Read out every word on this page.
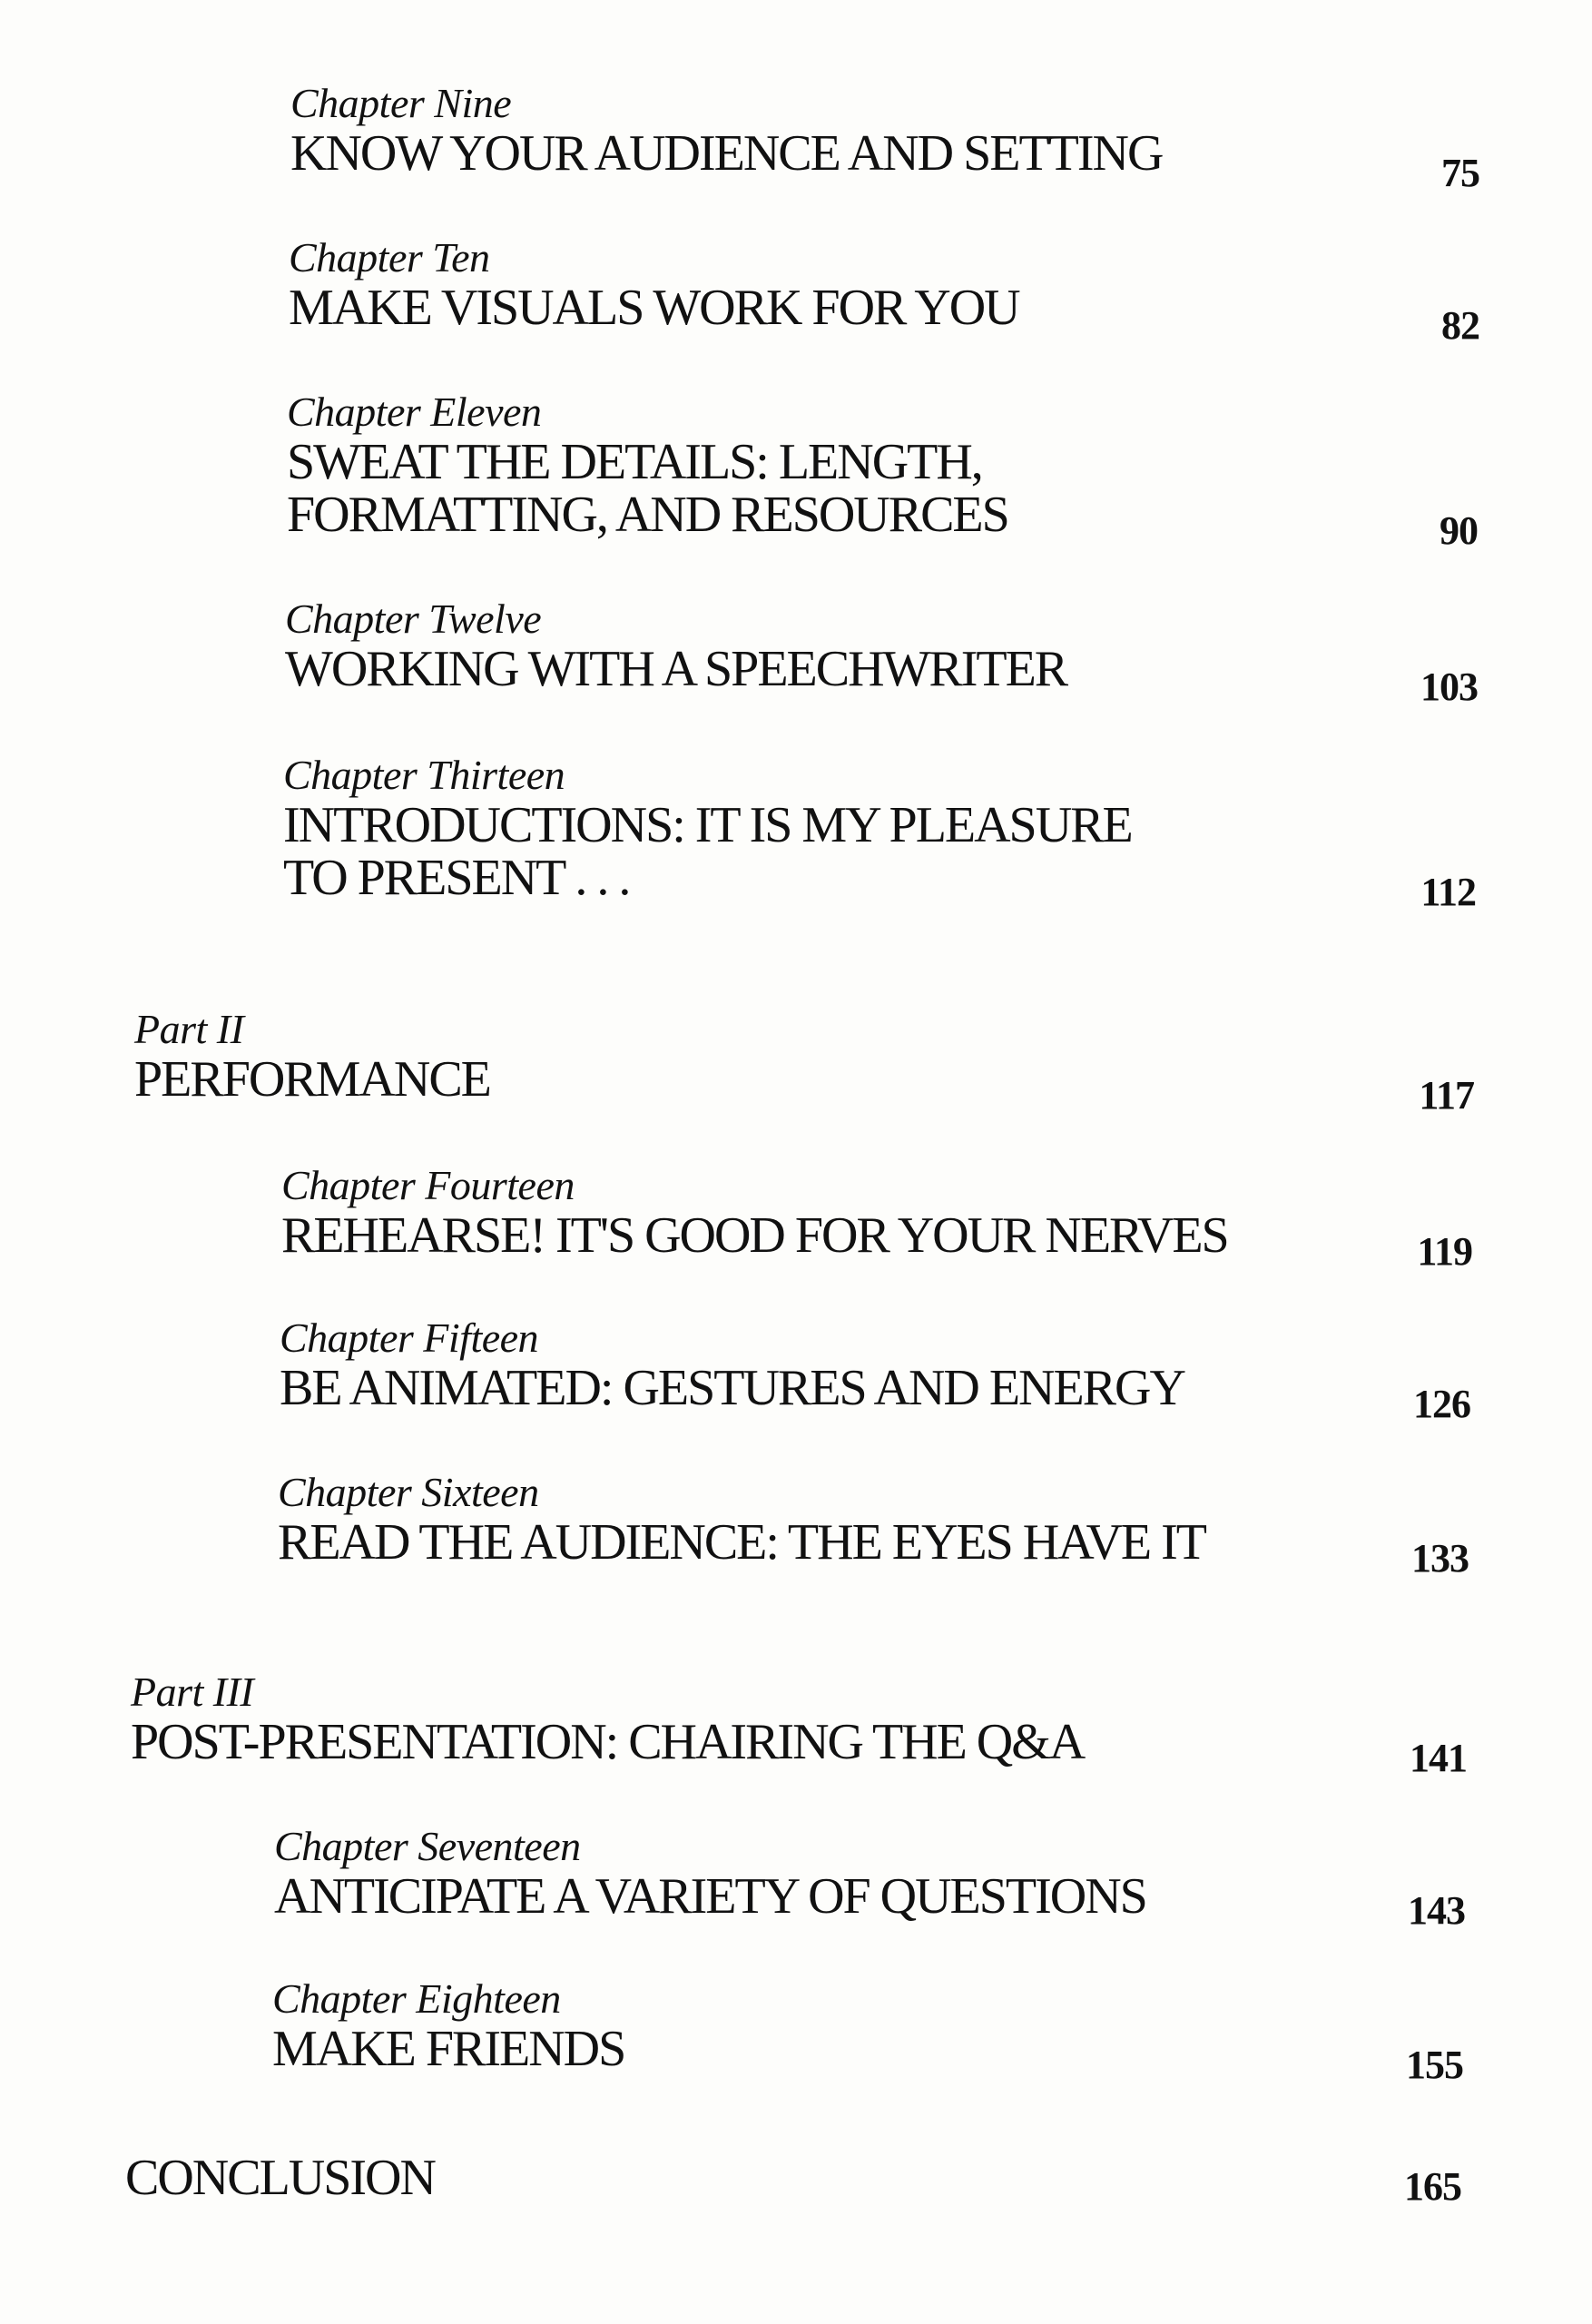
Chapter Nine
KNOW YOUR AUDIENCE AND SETTING	75
Chapter Ten
MAKE VISUALS WORK FOR YOU	82
Chapter Eleven
SWEAT THE DETAILS: LENGTH,
FORMATTING, AND RESOURCES	90
Chapter Twelve
WORKING WITH A SPEECHWRITER	103
Chapter Thirteen
INTRODUCTIONS: IT IS MY PLEASURE
TO PRESENT . . .	112
Part II
PERFORMANCE	117
Chapter Fourteen
REHEARSE! IT'S GOOD FOR YOUR NERVES	119
Chapter Fifteen
BE ANIMATED: GESTURES AND ENERGY	126
Chapter Sixteen
READ THE AUDIENCE: THE EYES HAVE IT	133
Part III
POST-PRESENTATION: CHAIRING THE Q&A	141
Chapter Seventeen
ANTICIPATE A VARIETY OF QUESTIONS	143
Chapter Eighteen
MAKE FRIENDS	155
CONCLUSION	165
